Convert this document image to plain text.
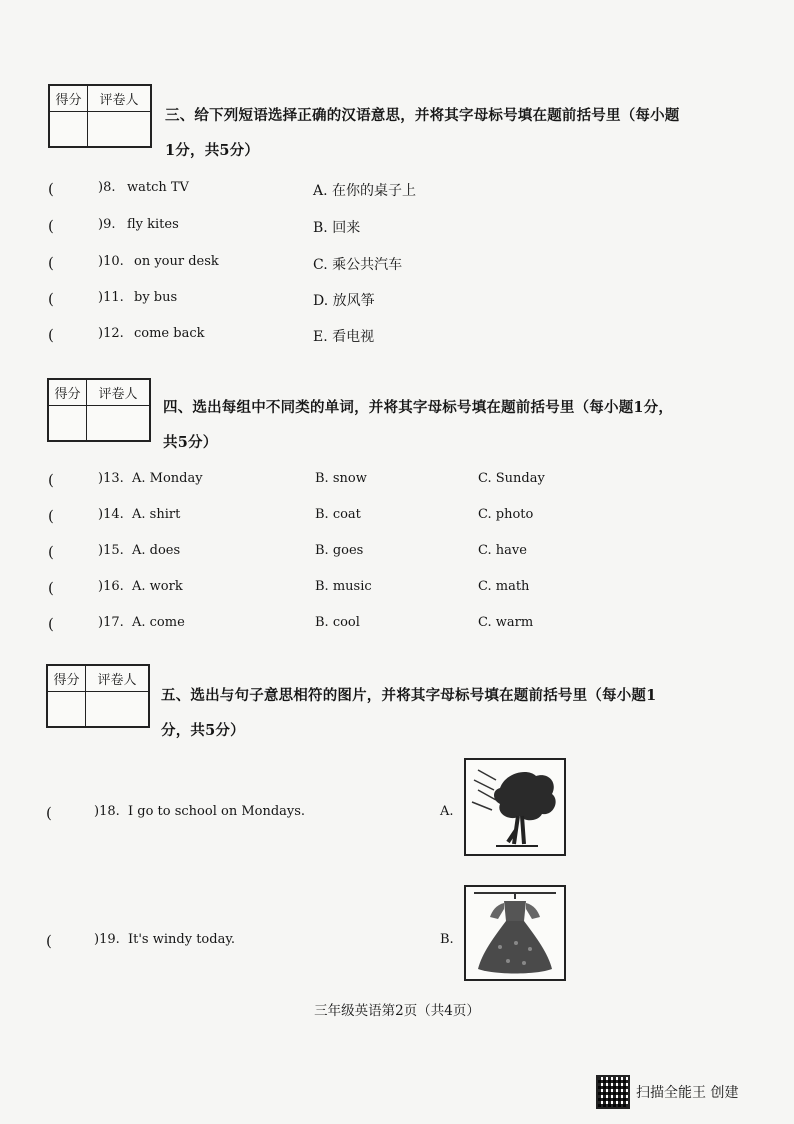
得分	评卷人
三、给下列短语选择正确的汉语意思，并将其字母标号填在题前括号里（每小题
1分，共5分）
(	)8. watch TV	A. 在你的桌子上
(	)9. fly kites	B. 回来
(	)10. on your desk	C. 乘公共汽车
(	)11. by bus	D. 放风筝
(	)12. come back	E. 看电视
得分	评卷人
四、选出每组中不同类的单词，并将其字母标号填在题前括号里（每小题1分，
共5分）
(	)13. A. Monday	B. snow	C. Sunday
(	)14. A. shirt	B. coat	C. photo
(	)15. A. does	B. goes	C. have
(	)16. A. work	B. music	C. math
(	)17. A. come	B. cool	C. warm
得分	评卷人
五、选出与句子意思相符的图片，并将其字母标号填在题前括号里（每小题1
分，共5分）
(	)18. I go to school on Mondays.	A.
(	)19. It's windy today.	B.
三年级英语第2页（共4页）
扫描全能王 创建
